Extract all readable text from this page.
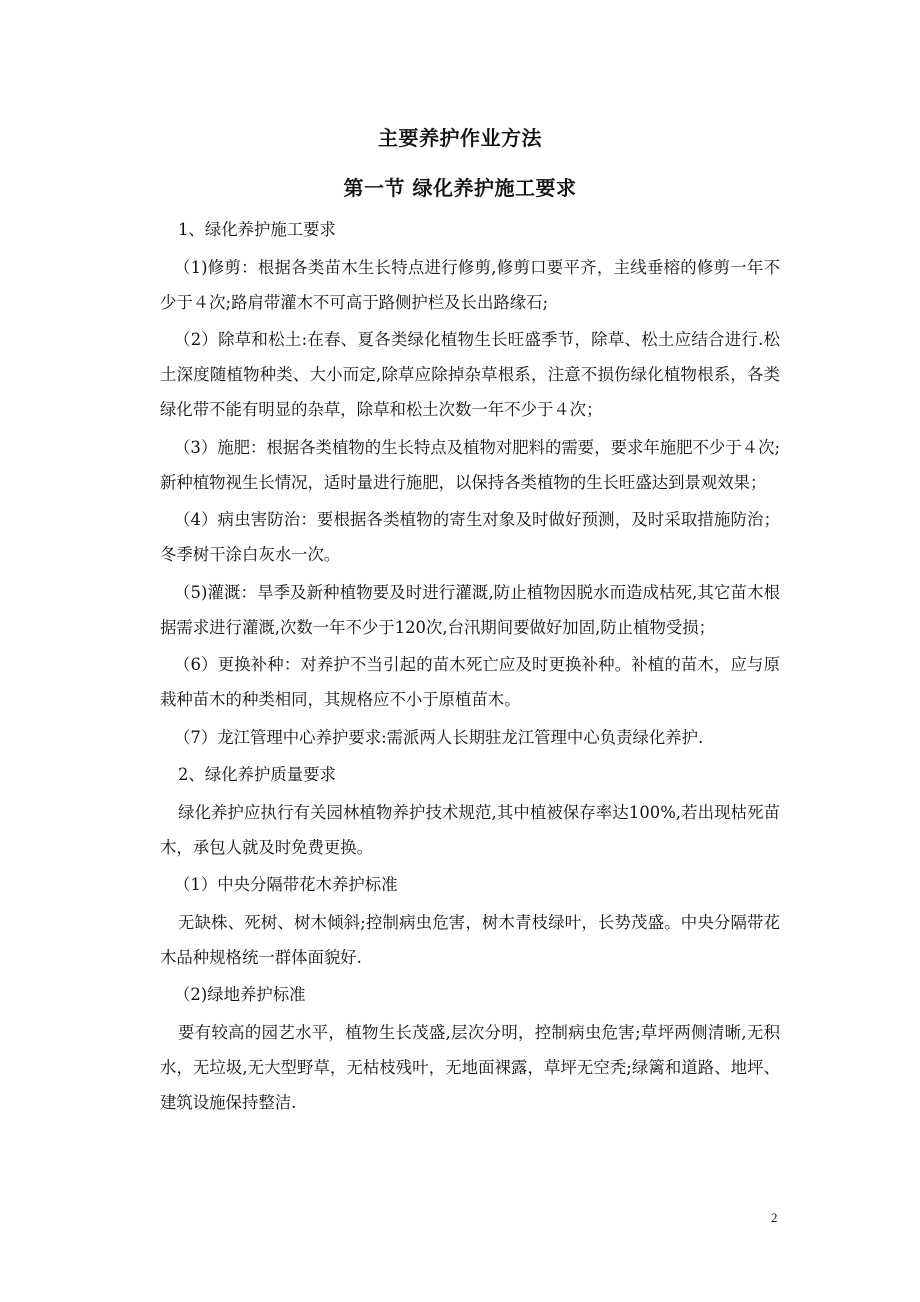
主要养护作业方法
第一节 绿化养护施工要求

1、绿化养护施工要求

（1)修剪：根据各类苗木生长特点进行修剪,修剪口要平齐，主线垂榕的修剪一年不少于４次;路肩带灌木不可高于路侧护栏及长出路缘石;

（2）除草和松土:在春、夏各类绿化植物生长旺盛季节，除草、松土应结合进行.松土深度随植物种类、大小而定,除草应除掉杂草根系，注意不损伤绿化植物根系，各类绿化带不能有明显的杂草，除草和松土次数一年不少于４次；

（3）施肥：根据各类植物的生长特点及植物对肥料的需要，要求年施肥不少于４次;新种植物视生长情况，适时量进行施肥，以保持各类植物的生长旺盛达到景观效果；

（4）病虫害防治：要根据各类植物的寄生对象及时做好预测，及时采取措施防治；冬季树干涂白灰水一次。

（5)灌溉：旱季及新种植物要及时进行灌溉,防止植物因脱水而造成枯死,其它苗木根据需求进行灌溉,次数一年不少于120次,台汛期间要做好加固,防止植物受损；

（6）更换补种：对养护不当引起的苗木死亡应及时更换补种。补植的苗木，应与原栽种苗木的种类相同，其规格应不小于原植苗木。

（7）龙江管理中心养护要求:需派两人长期驻龙江管理中心负责绿化养护.

2、绿化养护质量要求

绿化养护应执行有关园林植物养护技术规范,其中植被保存率达100%,若出现枯死苗木，承包人就及时免费更换。

（1）中央分隔带花木养护标准

无缺株、死树、树木倾斜;控制病虫危害，树木青枝绿叶，长势茂盛。中央分隔带花木品种规格统一群体面貌好.

（2)绿地养护标准

要有较高的园艺水平，植物生长茂盛,层次分明，控制病虫危害;草坪两侧清晰,无积水，无垃圾,无大型野草，无枯枝残叶，无地面裸露，草坪无空秃;绿篱和道路、地坪、建筑设施保持整洁.

2
